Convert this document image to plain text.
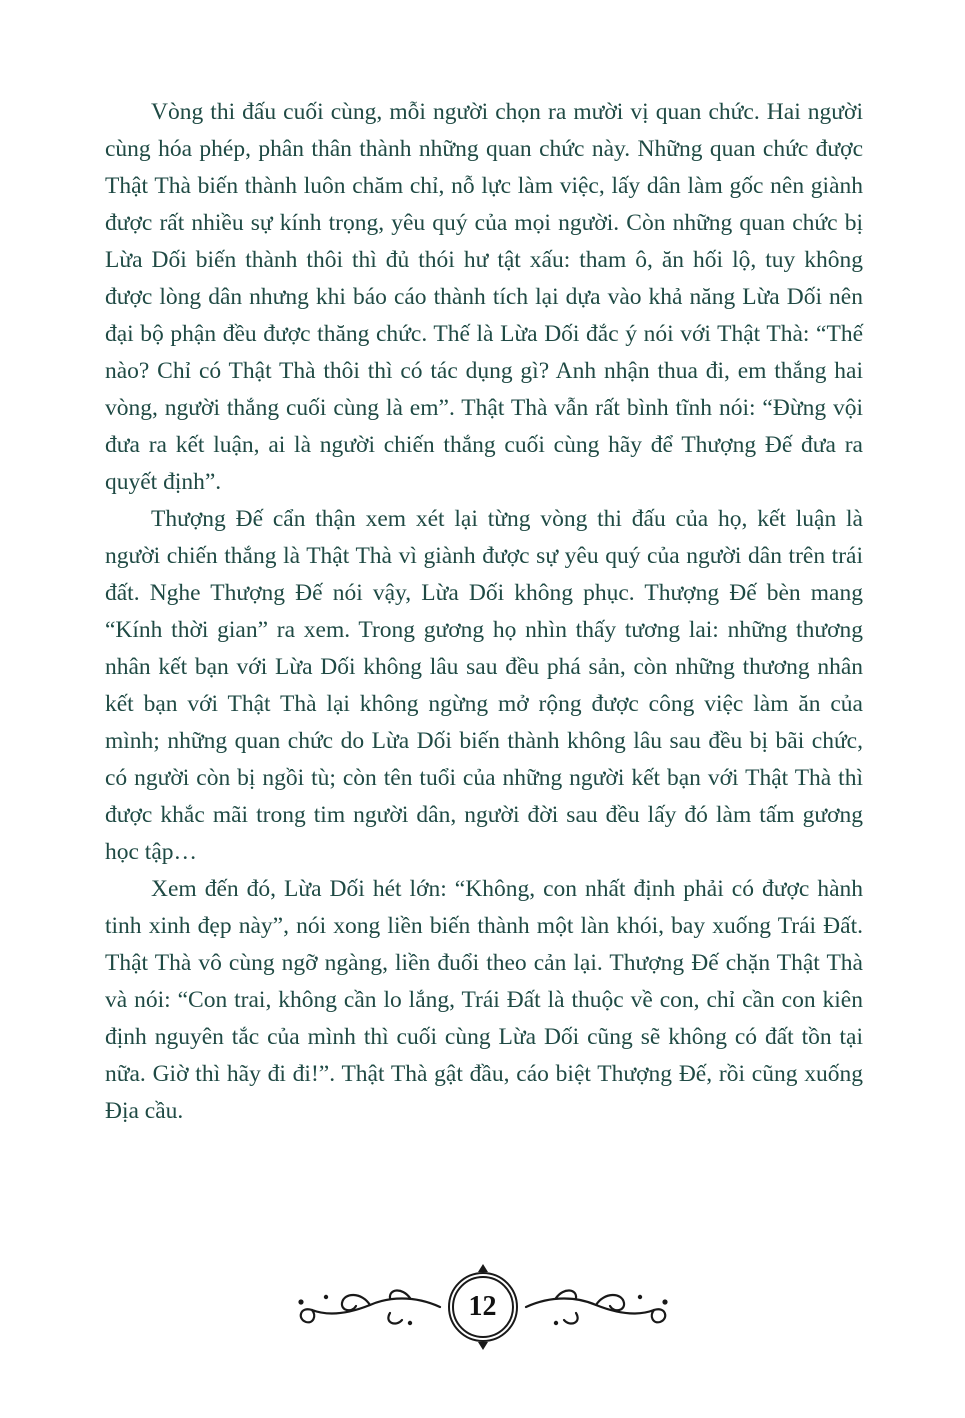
Vòng thi đấu cuối cùng, mỗi người chọn ra mười vị quan chức. Hai người cùng hóa phép, phân thân thành những quan chức này. Những quan chức được Thật Thà biến thành luôn chăm chỉ, nỗ lực làm việc, lấy dân làm gốc nên giành được rất nhiều sự kính trọng, yêu quý của mọi người. Còn những quan chức bị Lừa Dối biến thành thôi thì đủ thói hư tật xấu: tham ô, ăn hối lộ, tuy không được lòng dân nhưng khi báo cáo thành tích lại dựa vào khả năng Lừa Dối nên đại bộ phận đều được thăng chức. Thế là Lừa Dối đắc ý nói với Thật Thà: “Thế nào? Chỉ có Thật Thà thôi thì có tác dụng gì? Anh nhận thua đi, em thắng hai vòng, người thắng cuối cùng là em”. Thật Thà vẫn rất bình tĩnh nói: “Đừng vội đưa ra kết luận, ai là người chiến thắng cuối cùng hãy để Thượng Đế đưa ra quyết định”.

Thượng Đế cẩn thận xem xét lại từng vòng thi đấu của họ, kết luận là người chiến thắng là Thật Thà vì giành được sự yêu quý của người dân trên trái đất. Nghe Thượng Đế nói vậy, Lừa Dối không phục. Thượng Đế bèn mang “Kính thời gian” ra xem. Trong gương họ nhìn thấy tương lai: những thương nhân kết bạn với Lừa Dối không lâu sau đều phá sản, còn những thương nhân kết bạn với Thật Thà lại không ngừng mở rộng được công việc làm ăn của mình; những quan chức do Lừa Dối biến thành không lâu sau đều bị bãi chức, có người còn bị ngồi tù; còn tên tuổi của những người kết bạn với Thật Thà thì được khắc mãi trong tim người dân, người đời sau đều lấy đó làm tấm gương học tập…

Xem đến đó, Lừa Dối hét lớn: “Không, con nhất định phải có được hành tinh xinh đẹp này”, nói xong liền biến thành một làn khói, bay xuống Trái Đất. Thật Thà vô cùng ngỡ ngàng, liền đuổi theo cản lại. Thượng Đế chặn Thật Thà và nói: “Con trai, không cần lo lắng, Trái Đất là thuộc về con, chỉ cần con kiên định nguyên tắc của mình thì cuối cùng Lừa Dối cũng sẽ không có đất tồn tại nữa. Giờ thì hãy đi đi!”. Thật Thà gật đầu, cáo biệt Thượng Đế, rồi cũng xuống Địa cầu.

12
